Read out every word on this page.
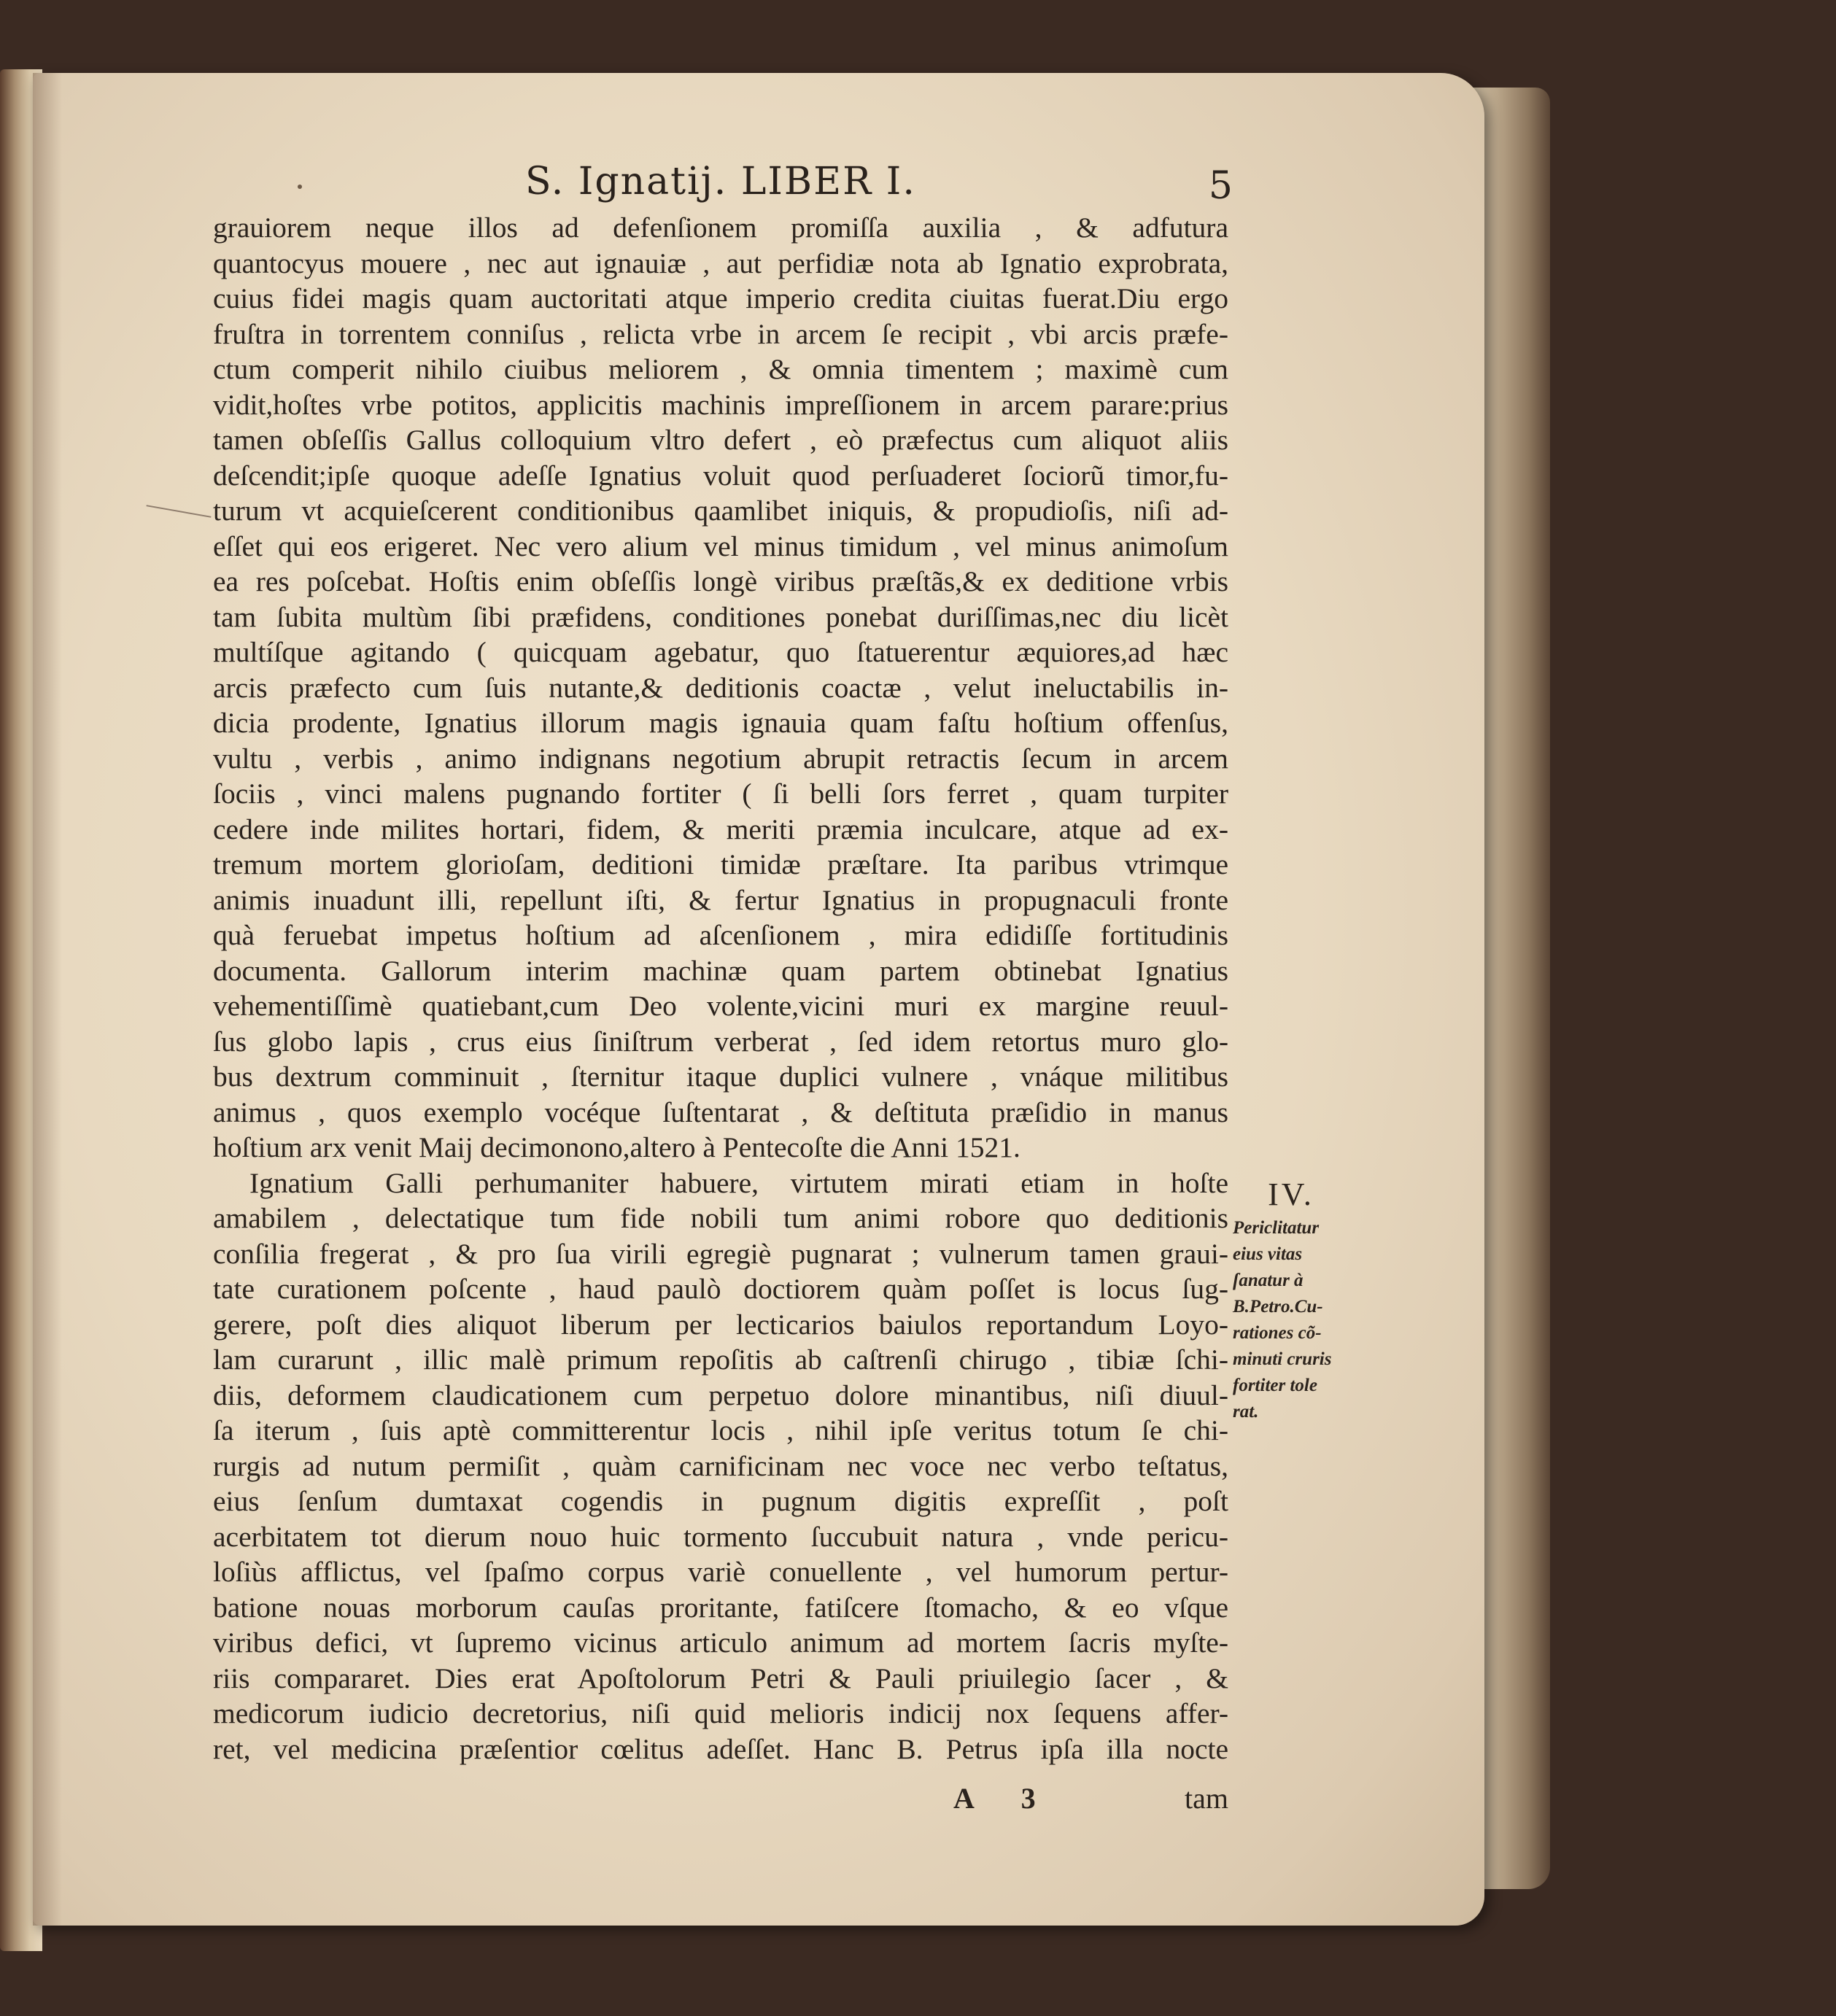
S. Ignatij. LIBER I.	5
grauiorem neque illos ad defenſionem promiſſa auxilia , & adfutura
quantocyus mouere , nec aut ignauiæ , aut perfidiæ nota ab Ignatio exprobrata,
cuius fidei magis quam auctoritati atque imperio credita ciuitas fuerat.Diu ergo
fruſtra in torrentem conniſus , relicta vrbe in arcem ſe recipit , vbi arcis præfe-
ctum comperit nihilo ciuibus meliorem , & omnia timentem ; maximè cum
vidit,hoſtes vrbe potitos, applicitis machinis impreſſionem in arcem parare:prius
tamen obſeſſis Gallus colloquium vltro defert , eò præfectus cum aliquot aliis
deſcendit;ipſe quoque adeſſe Ignatius voluit quod perſuaderet ſociorũ timor,fu-
turum vt acquieſcerent conditionibus qaamlibet iniquis, & propudioſis, niſi ad-
eſſet qui eos erigeret. Nec vero alium vel minus timidum , vel minus animoſum
ea res poſcebat. Hoſtis enim obſeſſis longè viribus præſtãs,& ex deditione vrbis
tam ſubita multùm ſibi præfidens, conditiones ponebat duriſſimas,nec diu licèt
multíſque agitando ( quicquam agebatur, quo ſtatuerentur æquiores,ad hæc
arcis præfecto cum ſuis nutante,& deditionis coactæ , velut ineluctabilis in-
dicia prodente, Ignatius illorum magis ignauia quam faſtu hoſtium offenſus,
vultu , verbis , animo indignans negotium abrupit retractis ſecum in arcem
ſociis , vinci malens pugnando fortiter ( ſi belli ſors ferret , quam turpiter
cedere inde milites hortari, fidem, & meriti præmia inculcare, atque ad ex-
tremum mortem glorioſam, deditioni timidæ præſtare. Ita paribus vtrimque
animis inuadunt illi, repellunt iſti, & fertur Ignatius in propugnaculi fronte
quà feruebat impetus hoſtium ad aſcenſionem , mira edidiſſe fortitudinis
documenta. Gallorum interim machinæ quam partem obtinebat Ignatius
vehementiſſimè quatiebant,cum Deo volente,vicini muri ex margine reuul-
ſus globo lapis , crus eius ſiniſtrum verberat , ſed idem retortus muro glo-
bus dextrum comminuit , ſternitur itaque duplici vulnere , vnáque militibus
animus , quos exemplo vocéque ſuſtentarat , & deſtituta præſidio in manus
hoſtium arx venit Maij decimonono,altero à Pentecoſte die Anni 1521.
Ignatium Galli perhumaniter habuere, virtutem mirati etiam in hoſte
amabilem , delectatique tum fide nobili tum animi robore quo deditionis
conſilia fregerat , & pro ſua virili egregiè pugnarat ; vulnerum tamen graui-
tate curationem poſcente , haud paulò doctiorem quàm poſſet is locus ſug-
gerere, poſt dies aliquot liberum per lecticarios baiulos reportandum Loyo-
lam curarunt , illic malè primum repoſitis ab caſtrenſi chirugo , tibiæ ſchi-
diis, deformem claudicationem cum perpetuo dolore minantibus, niſi diuul-
ſa iterum , ſuis aptè committerentur locis , nihil ipſe veritus totum ſe chi-
rurgis ad nutum permiſit , quàm carnificinam nec voce nec verbo teſtatus,
eius ſenſum dumtaxat cogendis in pugnum digitis expreſſit , poſt
acerbitatem tot dierum nouo huic tormento ſuccubuit natura , vnde pericu-
loſiùs afflictus, vel ſpaſmo corpus variè conuellente , vel humorum pertur-
batione nouas morborum cauſas proritante, fatiſcere ſtomacho, & eo vſque
viribus defici, vt ſupremo vicinus articulo animum ad mortem ſacris myſte-
riis compararet. Dies erat Apoſtolorum Petri & Pauli priuilegio ſacer , &
medicorum iudicio decretorius, niſi quid melioris indicij nox ſequens affer-
ret, vel medicina præſentior cœlitus adeſſet. Hanc B. Petrus ipſa illa nocte
IV.
Periclitatur
eius vitas
ſanatur à
B.Petro.Cu-
rationes cõ-
minuti cruris
fortiter tole
rat.
A 3	tam
